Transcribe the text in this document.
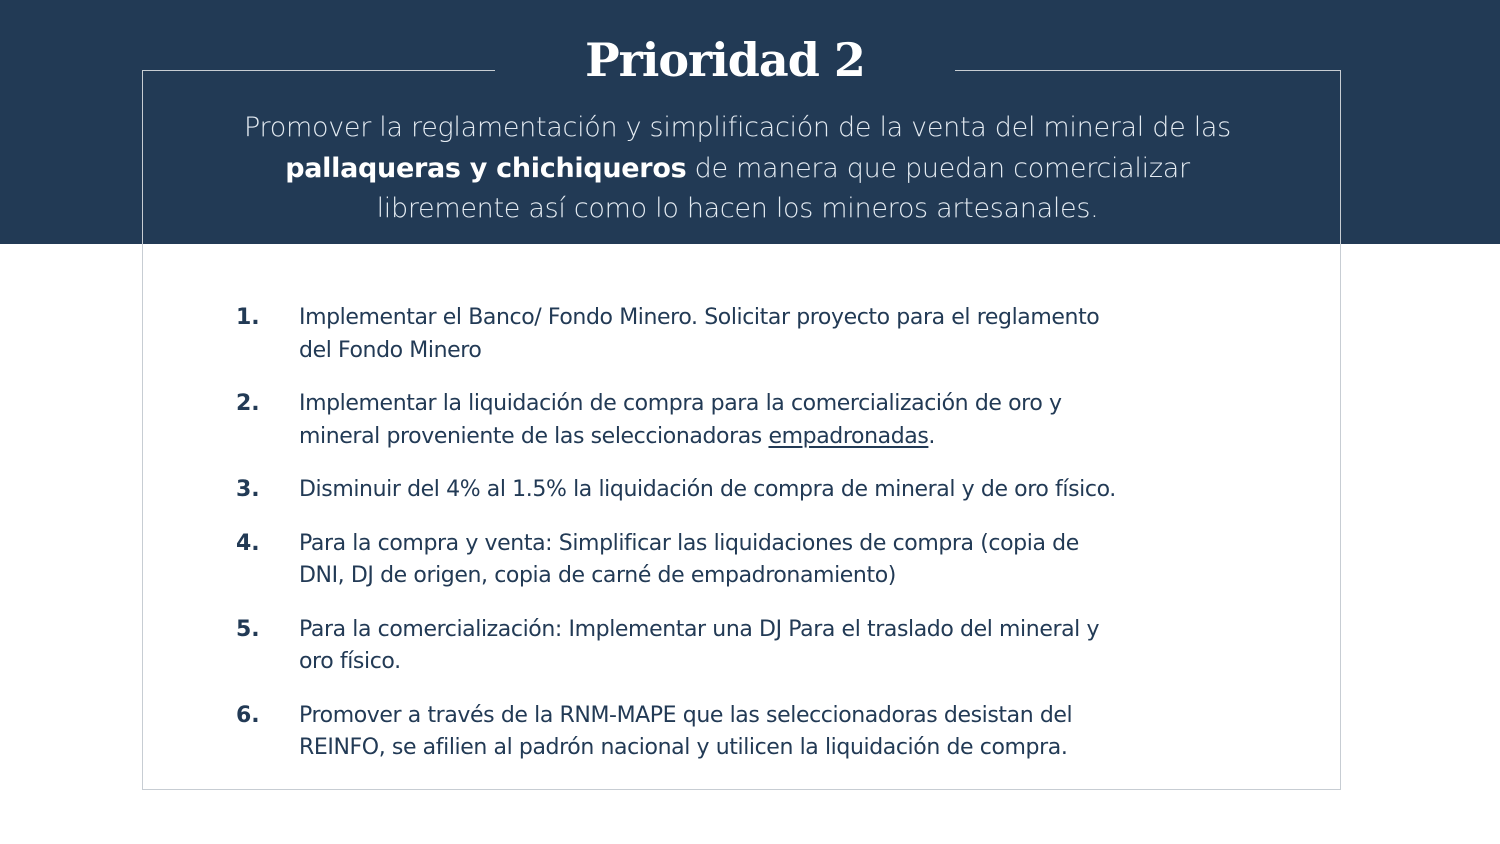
Prioridad 2
Promover la reglamentación y simplificación de la venta del mineral de las
pallaqueras y chichiqueros de manera que puedan comercializar
libremente así como lo hacen los mineros artesanales.
1. Implementar el Banco/ Fondo Minero. Solicitar proyecto para el reglamento
del Fondo Minero
2. Implementar la liquidación de compra para la comercialización de oro y
mineral proveniente de las seleccionadoras empadronadas.
3. Disminuir del 4% al 1.5% la liquidación de compra de mineral y de oro físico.
4. Para la compra y venta: Simplificar las liquidaciones de compra (copia de
DNI, DJ de origen, copia de carné de empadronamiento)
5. Para la comercialización: Implementar una DJ Para el traslado del mineral y
oro físico.
6. Promover a través de la RNM-MAPE que las seleccionadoras desistan del
REINFO, se afilien al padrón nacional y utilicen la liquidación de compra.
